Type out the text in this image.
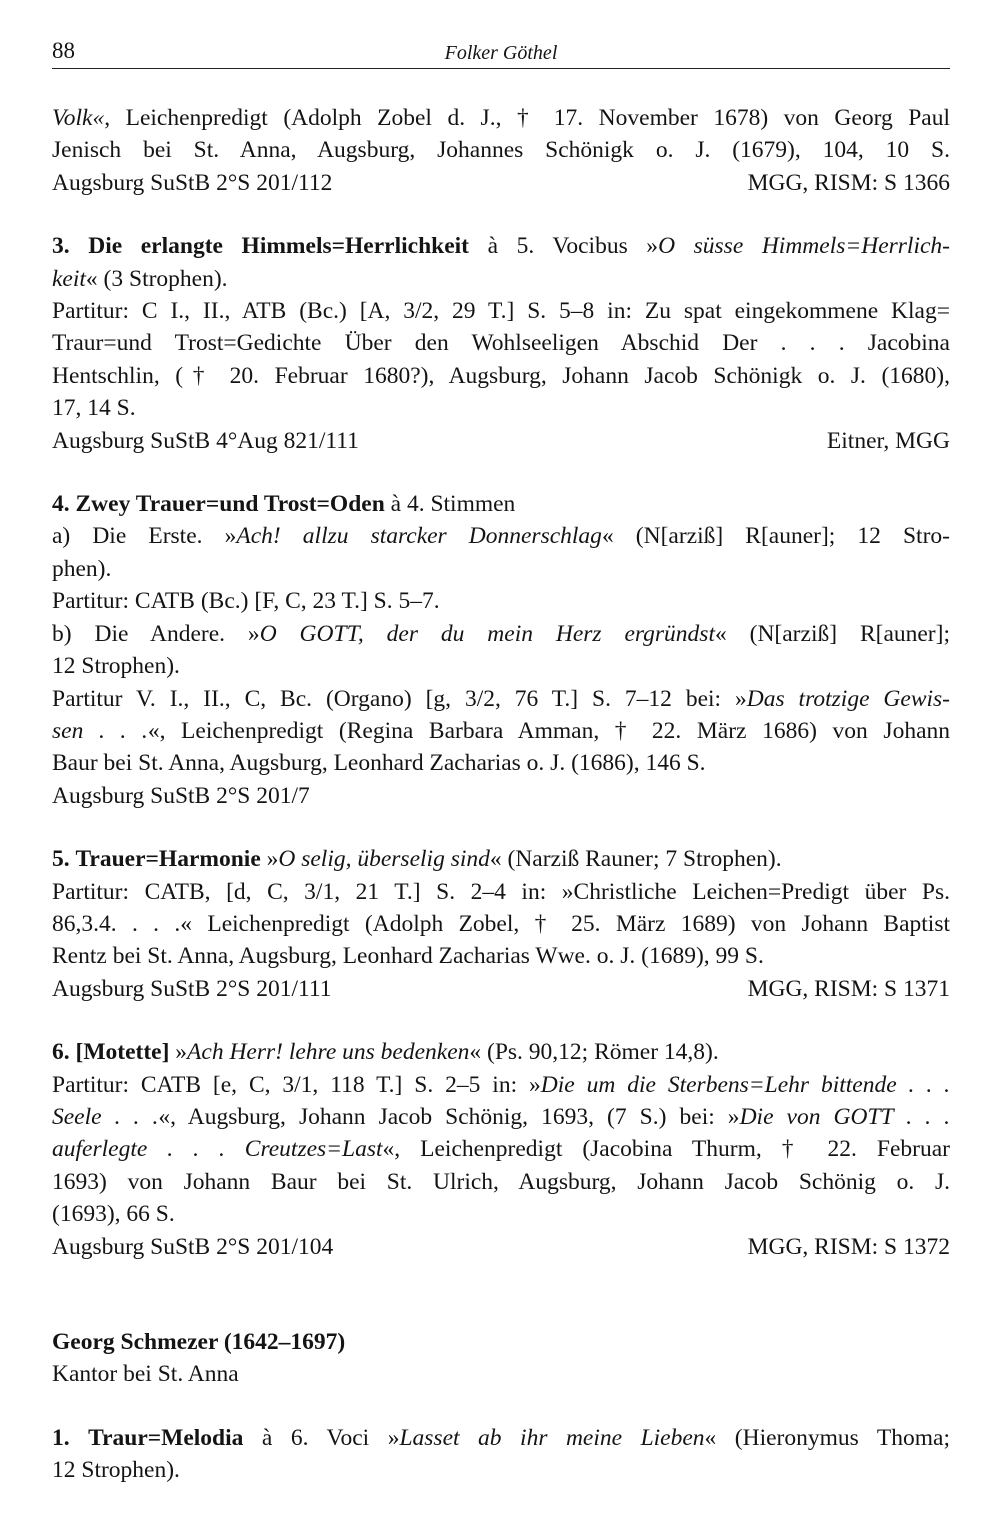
88	Folker Göthel
Volk«, Leichenpredigt (Adolph Zobel d. J., † 17. November 1678) von Georg Paul
Jenisch bei St. Anna, Augsburg, Johannes Schönigk o. J. (1679), 104, 10 S.
Augsburg SuStB 2°S 201/112	MGG, RISM: S 1366
3. Die erlangte Himmels=Herrlichkeit à 5. Vocibus »O süsse Himmels=Herrlich-
keit« (3 Strophen).
Partitur: C I., II., ATB (Bc.) [A, 3/2, 29 T.] S. 5–8 in: Zu spat eingekommene Klag=
Traur=und Trost=Gedichte Über den Wohlseeligen Abschid Der . . . Jacobina
Hentschlin, († 20. Februar 1680?), Augsburg, Johann Jacob Schönigk o. J. (1680),
17, 14 S.
Augsburg SuStB 4°Aug 821/111	Eitner, MGG
4. Zwey Trauer=und Trost=Oden à 4. Stimmen
a) Die Erste. »Ach! allzu starcker Donnerschlag« (N[arziß] R[auner]; 12 Stro-
phen).
Partitur: CATB (Bc.) [F, C, 23 T.] S. 5–7.
b) Die Andere. »O GOTT, der du mein Herz ergründst« (N[arziß] R[auner];
12 Strophen).
Partitur V. I., II., C, Bc. (Organo) [g, 3/2, 76 T.] S. 7–12 bei: »Das trotzige Gewis-
sen . . .«, Leichenpredigt (Regina Barbara Amman, † 22. März 1686) von Johann
Baur bei St. Anna, Augsburg, Leonhard Zacharias o. J. (1686), 146 S.
Augsburg SuStB 2°S 201/7
5. Trauer=Harmonie »O selig, überselig sind« (Narziß Rauner; 7 Strophen).
Partitur: CATB, [d, C, 3/1, 21 T.] S. 2–4 in: »Christliche Leichen=Predigt über Ps.
86,3.4. . . .« Leichenpredigt (Adolph Zobel, † 25. März 1689) von Johann Baptist
Rentz bei St. Anna, Augsburg, Leonhard Zacharias Wwe. o. J. (1689), 99 S.
Augsburg SuStB 2°S 201/111	MGG, RISM: S 1371
6. [Motette] »Ach Herr! lehre uns bedenken« (Ps. 90,12; Römer 14,8).
Partitur: CATB [e, C, 3/1, 118 T.] S. 2–5 in: »Die um die Sterbens=Lehr bittende . . .
Seele . . .«, Augsburg, Johann Jacob Schönig, 1693, (7 S.) bei: »Die von GOTT . . .
auferlegte . . . Creutzes=Last«, Leichenpredigt (Jacobina Thurm, † 22. Februar
1693) von Johann Baur bei St. Ulrich, Augsburg, Johann Jacob Schönig o. J.
(1693), 66 S.
Augsburg SuStB 2°S 201/104	MGG, RISM: S 1372
Georg Schmezer (1642–1697)
Kantor bei St. Anna
1. Traur=Melodia à 6. Voci »Lasset ab ihr meine Lieben« (Hieronymus Thoma;
12 Strophen).
